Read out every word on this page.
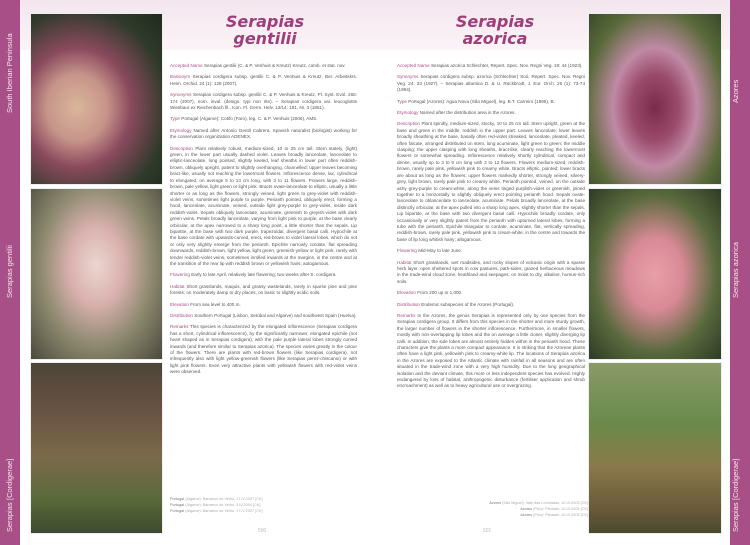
South Iberian Peninsula
Serapias gentilii
Serapias
[Cordigerae]
Serapias
gentilii

Accepted Name Serapias gentilii (C. & P. Venhuis & Kreutz) Kreutz, comb. et stat. nov.

Basionym Serapias cordigera subsp. gentilii C. & P. Venhuis & Kreutz, Ber. Arbeitskrs. Heim. Orchid. 24 (1): 128 (2007).

Synonyms Serapias cordigera subsp. gentilii C. & P. Venhuis & Kreutz, Pl. Syst. Evol. 265: 174 (2007), nom. inval. (design. typi non rite). – Serapias cordigera var. leucoglottis Wiesbaur ex Reichenbach fil., Icon. Fl. Germ. Helv. 13/14: 181, Nr. 3 (1851).

Type Portugal (Algarve): Cotifo (Faro), leg. C. & P. Venhuis (2006), AMS.

Etymology Named after Antonio Gentil Cabrera, Spanish naturalist (biologist) working for the conservation organization ADENEX.

Description Plant relatively robust, medium-sized, 10 to 25 cm tall. Stem stately, (light) green, in the lower part usually dashed violet. Leaves broadly lanceolate, lanceolate to elliptic-lanceolate, long pointed, slightly keeled, leaf sheaths in lower part often reddish-brown, obliquely upright, patent to slightly overhanging, channelled; upper leaves becoming bract-like, usually not reaching the lowermost flowers. Inflorescence dense, lax, cylindrical to elongated, on average 5 to 13 cm long, with 3 to 11 flowers. Flowers large, reddish-brown, pale yellow, light green or light pink. Bracts ovate-lanceolate to elliptic, usually a little shorter or as long as the flowers, strongly veined, light green to grey-violet with reddish-violet veins, sometimes light purple to purple. Perianth pointed, obliquely erect, forming a hood, lanceolate, acuminate, veined, outside light grey-purple to grey-violet, inside dark reddish-violet. Sepals obliquely lanceolate, acuminate, greenish to greyish-violet with dark green veins. Petals broadly lanceolate, varying from light pink to purple, at the base clearly orbicular, at the apex narrowed to a sharp long point, a little shorter than the sepals. Lip bipartite, at the base with two dark purple, trapezoidal, divergent basal calli. Hypochile at the base cordate with upwards-curved, erect, red-brown to violet lateral lobes, which do not or only very slightly emerge from the perianth. Epichile narrowly cordate, flat spreading downwards, reddish-brown, light yellow, light green, greenish-yellow or light pink, rarely with tender reddish-violet veins, sometimes inrolled inwards at the margins, in the centre and at the transition of the rear lip with reddish brown or yellowish hairs; autogamous.

Flowering Early to late April, relatively late flowering; two weeks after S. cordigera.

Habitat Short grasslands, maquis, and grassy wastelands, rarely in sparse pine and pine forests; on moderately damp to dry places, on basic to slightly acidic soils.

Elevation From sea level to 400 m.

Distribution Southern Portugal (Lisbon, Setúbal and Algarve) and southwest Spain (Huelva).

Remarks This species is characterized by the elongated inflorescence (Serapias cordigera has a short, cylindrical inflorescence), by the significantly narrower, elongated epichile (not heart shaped as in Serapias cordigera), with the pale purple lateral lobes strongly curved inwards (and therefore similar to Serapias azorica). The species varies greatly in the colour of the flowers. There are plants with red-brown flowers (like Serapias cordigera), not infrequently also with light yellow-greenish flowers (like Serapias perez-chiscanoi) or with light pink flowers. Even very attractive plants with yellowish flowers with red-violet veins were observed.

Portugal (Algarve): Barranco do Velho, 17.IV.2007 [CK]
Portugal (Algarve): Barranco do Velho, 9.IV.2004 [CK]
Portugal (Algarve): Barranco do Velho, 17.IV.2007 [CK]
500
Azores
Serapias azorica
Serapias
[Cordigerae]
Serapias
azorica

Accepted Name Serapias azorica Schlechter, Repert. Spec. Nov. Regni Veg. 19: 44 (1923).

Synonyms Serapias cordigera subsp. azorica (Schlechter) Soó, Repert. Spec. Nov. Regni Veg. 24: 33 (1927). – Serapias atlantica D. & U. Rückbrodt, J. Eur. Orch. 26 (1): 73-74 (1994).

Type Portugal (Azores): Agua Nova (São Miguel), leg. B.T. Carreiro (1895), B.

Etymology Named after the distribution area in the Azores.

Description Plant spindly, medium-sized, stocky, 10 to 25 cm tall. Stem upright, green at the base and green in the middle, reddish in the upper part. Leaves lanceolate; lower leaves broadly sheathing at the base, basally often red-violet streaked, lanceolate, pleated, keeled, often falcate, arranged distributed on stem, long acuminate, light green to green; the middle clasping; the upper clasping with long sheaths, bract-like, clearly reaching the lowermost flowers or somewhat spreading. Inflorescence relatively shortly cylindrical, compact and dense, usually up to 3 to 9 cm long with 3 to 12 flowers. Flowers medium-sized, reddish-brown, rarely pale pink, yellowish pink to creamy white. Bracts elliptic, pointed; lower bracts are about as long as the flowers; upper flowers markedly shorter, strongly veined, silvery-grey, light brown, rarely pale pink to creamy white. Perianth pointed, veined, on the outside ashy grey-purple to cream-white, along the veins tinged purplish-violet or greenish, joined together to a horizontally to slightly obliquely erect pointing perianth hood. Sepals ovate-lanceolate to oblanceolate to lanceolate, acuminate. Petals broadly lanceolate, at the base distinctly orbicular, at the apex pulled into a sharp long apex, slightly shorter than the sepals. Lip bipartite, at the base with two divergent basal calli. Hypochile broadly cordate, only occasionally or very slightly patent from the perianth with upturned lateral lobes, forming a tube with the perianth. Epichile triangular to cordate, acuminate, flat, vertically spreading, reddish-brown, rarely pale pink, yellowish pink to cream-white, in the centre and towards the base of lip long whitish hairy; allogamous.

Flowering Mid-May to late June.

Habitat Short grasslands, wet roadsides, and rocky slopes of volcanic origin with a sparse herb layer, open sheltered spots in cow pastures, path-sides, grazed herbaceous meadows in the trade-wind cloud zone, heathland and seepages; on moist to dry, alkaline, humus-rich soils.

Elevation From 200 up to 1,000.

Distribution Endemic subspecies of the Azores (Portugal).

Remarks In the Azores, the genus Serapias is represented only by one species from the Serapias cordigera group. It differs from this species in the shorter and more sturdy growth, the larger number of flowers in the shorter inflorescence. Furthermore, in smaller flowers, mostly with non-overlapping lip lobes and the on average a little closer, slightly diverging lip calli. In addition, the side lobes are almost entirely hidden within in the perianth hood. These characters give the plants a more compact appearance. It is striking that the Azorean plants often have a light pink, yellowish pink to creamy-white lip. The locations of Serapias azorica in the Azores are exposed to the Atlantic climate with rainfall in all seasons and are often situated in the trade-wind zone with a very high humidity. Due to the long geographical isolation and the deviant climate, this more or less independent species has evolved. Highly endangered by loss of habitat, anthropogenic disturbance (fertiliser application and shrub encroachment) as well as to heavy agricultural use or overgrazing.

Azores (São Miguel): Vale das Lombadas, 10.VI.2003 [CK]
Azores (Pico): Piedade, 10.VI.2003 [CK]
Azores (Pico): Piedade, 10.VI.2003 [CK]
501
